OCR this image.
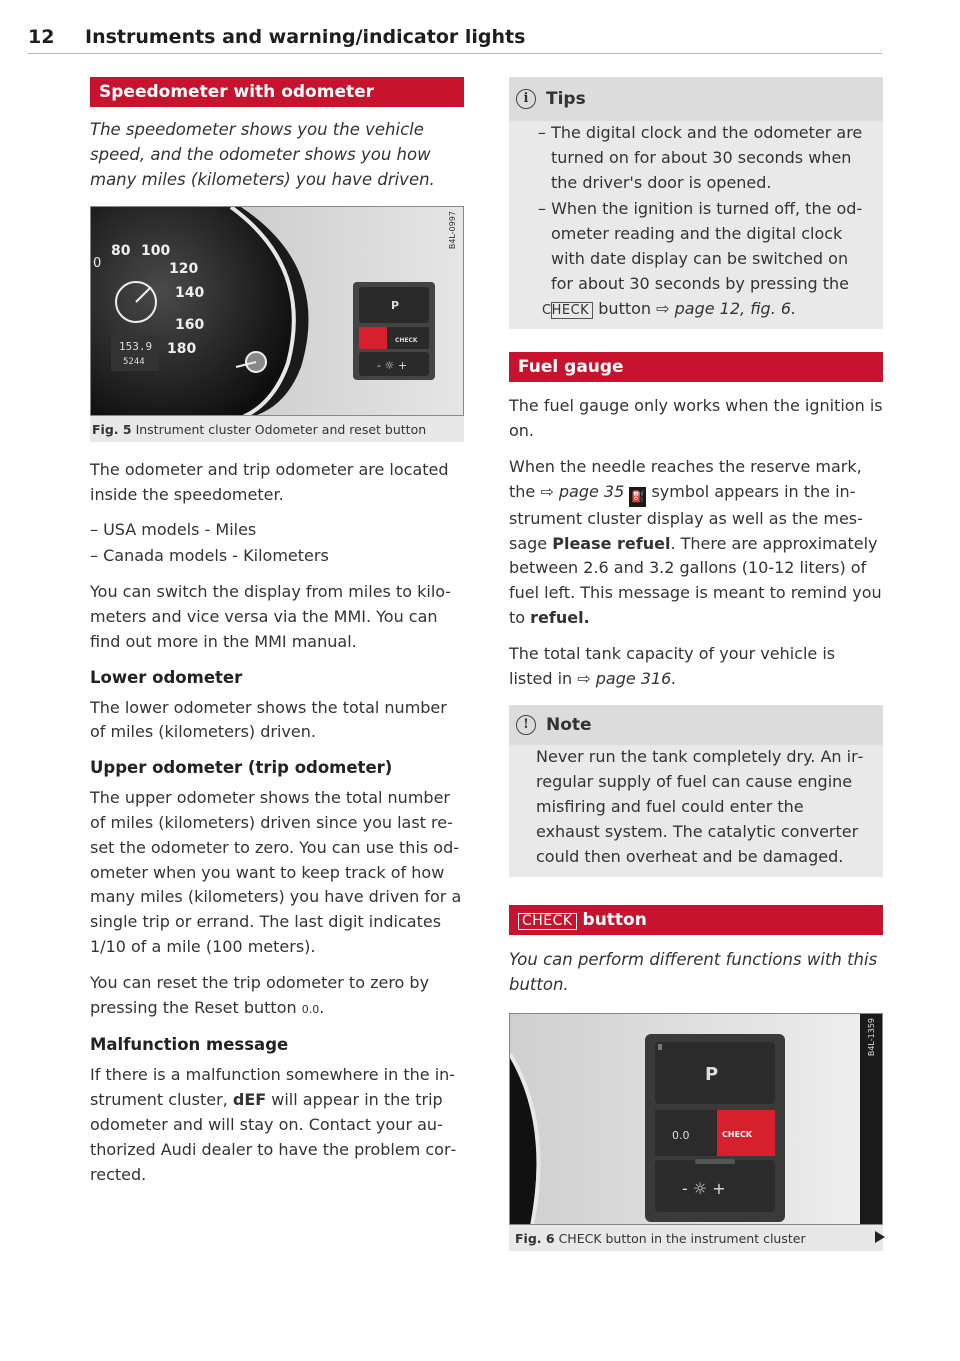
12 Instruments and warning/indicator lights
Speedometer with odometer
The speedometer shows you the vehicle speed, and the odometer shows you how many miles (kilometers) you have driven.
80 100
120
140
160
180
0
153.9
5244
P
CHECK
- ☼ +
B4L-0997
Fig. 5 Instrument cluster Odometer and reset button

The odometer and trip odometer are located inside the speedometer.

– USA models - Miles
– Canada models - Kilometers

You can switch the display from miles to kilometers and vice versa via the MMI. You can find out more in the MMI manual.

Lower odometer

The lower odometer shows the total number of miles (kilometers) driven.

Upper odometer (trip odometer)

The upper odometer shows the total number of miles (kilometers) driven since you last reset the odometer to zero. You can use this odometer when you want to keep track of how many miles (kilometers) you have driven for a single trip or errand. The last digit indicates 1/10 of a mile (100 meters).

You can reset the trip odometer to zero by pressing the Reset button 0.0.

Malfunction message

If there is a malfunction somewhere in the instrument cluster, dEF will appear in the trip odometer and will stay on. Contact your authorized Audi dealer to have the problem corrected.

i Tips
– The digital clock and the odometer are turned on for about 30 seconds when the driver's door is opened.
– When the ignition is turned off, the odometer reading and the digital clock with date display can be switched on for about 30 seconds by pressing the CHECK button ⇨ page 12, fig. 6.
Fuel gauge

The fuel gauge only works when the ignition is on.

When the needle reaches the reserve mark, the ⇨ page 35 ⛽ symbol appears in the instrument cluster display as well as the message Please refuel. There are approximately between 2.6 and 3.2 gallons (10-12 liters) of fuel left. This message is meant to remind you to refuel.

The total tank capacity of your vehicle is listed in ⇨ page 316.

! Note

Never run the tank completely dry. An irregular supply of fuel can cause engine misfiring and fuel could enter the exhaust system. The catalytic converter could then overheat and be damaged.

CHECK button
You can perform different functions with this button.
P
0.0	CHECK
- ☼ +
B4L-1359
Fig. 6 CHECK button in the instrument cluster
